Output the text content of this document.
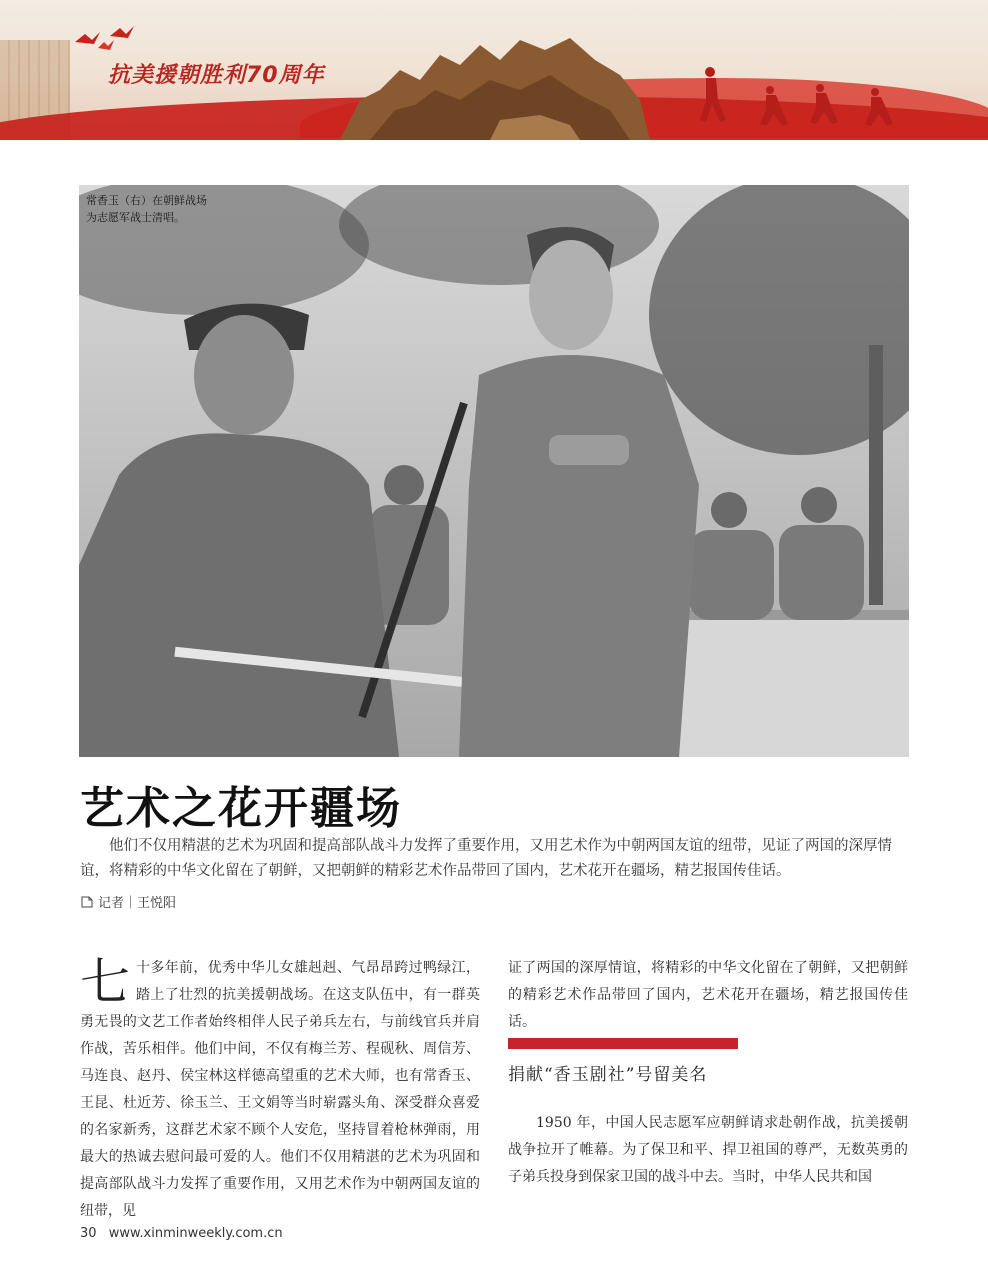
抗美援朝胜利70周年
常香玉（右）在朝鲜战场为志愿军战士清唱。
艺术之花开疆场
他们不仅用精湛的艺术为巩固和提高部队战斗力发挥了重要作用，又用艺术作为中朝两国友谊的纽带，见证了两国的深厚情谊，将精彩的中华文化留在了朝鲜，又把朝鲜的精彩艺术作品带回了国内，艺术花开在疆场，精艺报国传佳话。
记者｜王悦阳
七十多年前，优秀中华儿女雄赳赳、气昂昂跨过鸭绿江，踏上了壮烈的抗美援朝战场。在这支队伍中，有一群英勇无畏的文艺工作者始终相伴人民子弟兵左右，与前线官兵并肩作战，苦乐相伴。他们中间，不仅有梅兰芳、程砚秋、周信芳、马连良、赵丹、侯宝林这样德高望重的艺术大师，也有常香玉、王昆、杜近芳、徐玉兰、王文娟等当时崭露头角、深受群众喜爱的名家新秀，这群艺术家不顾个人安危，坚持冒着枪林弹雨，用最大的热诚去慰问最可爱的人。他们不仅用精湛的艺术为巩固和提高部队战斗力发挥了重要作用，又用艺术作为中朝两国友谊的纽带，见
证了两国的深厚情谊，将精彩的中华文化留在了朝鲜，又把朝鲜的精彩艺术作品带回了国内，艺术花开在疆场，精艺报国传佳话。
捐献“香玉剧社”号留美名
1950 年，中国人民志愿军应朝鲜请求赴朝作战，抗美援朝战争拉开了帷幕。为了保卫和平、捍卫祖国的尊严，无数英勇的子弟兵投身到保家卫国的战斗中去。当时，中华人民共和国
30 www.xinminweekly.com.cn
